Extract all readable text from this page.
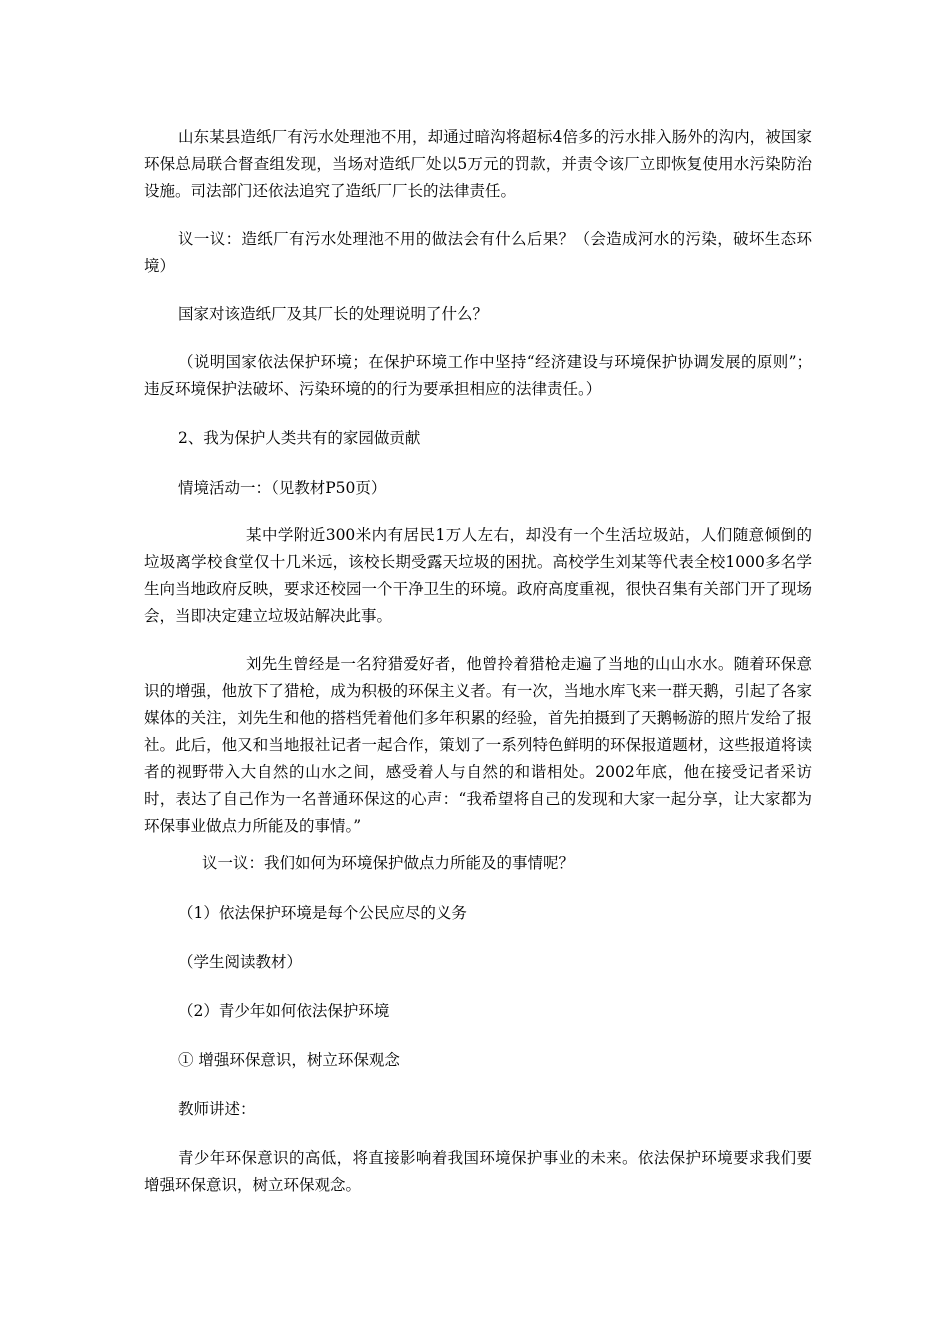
山东某县造纸厂有污水处理池不用，却通过暗沟将超标4倍多的污水排入肠外的沟内，被国家环保总局联合督查组发现，当场对造纸厂处以5万元的罚款，并责令该厂立即恢复使用水污染防治设施。司法部门还依法追究了造纸厂厂长的法律责任。

议一议：造纸厂有污水处理池不用的做法会有什么后果？（会造成河水的污染，破坏生态环境）

国家对该造纸厂及其厂长的处理说明了什么？

（说明国家依法保护环境；在保护环境工作中坚持“经济建设与环境保护协调发展的原则”；违反环境保护法破坏、污染环境的的行为要承担相应的法律责任。）

2、我为保护人类共有的家园做贡献

情境活动一：（见教材P50页）

某中学附近300米内有居民1万人左右，却没有一个生活垃圾站，人们随意倾倒的垃圾离学校食堂仅十几米远，该校长期受露天垃圾的困扰。高校学生刘某等代表全校1000多名学生向当地政府反映，要求还校园一个干净卫生的环境。政府高度重视，很快召集有关部门开了现场会，当即决定建立垃圾站解决此事。

刘先生曾经是一名狩猎爱好者，他曾拎着猎枪走遍了当地的山山水水。随着环保意识的增强，他放下了猎枪，成为积极的环保主义者。有一次，当地水库飞来一群天鹅，引起了各家媒体的关注，刘先生和他的搭档凭着他们多年积累的经验，首先拍摄到了天鹅畅游的照片发给了报社。此后，他又和当地报社记者一起合作，策划了一系列特色鲜明的环保报道题材，这些报道将读者的视野带入大自然的山水之间，感受着人与自然的和谐相处。2002年底，他在接受记者采访时，表达了自己作为一名普通环保这的心声：“我希望将自己的发现和大家一起分享，让大家都为环保事业做点力所能及的事情。”

议一议：我们如何为环境保护做点力所能及的事情呢？

（1）依法保护环境是每个公民应尽的义务

（学生阅读教材）

（2）青少年如何依法保护环境

① 增强环保意识，树立环保观念

教师讲述：

青少年环保意识的高低，将直接影响着我国环境保护事业的未来。依法保护环境要求我们要增强环保意识，树立环保观念。
